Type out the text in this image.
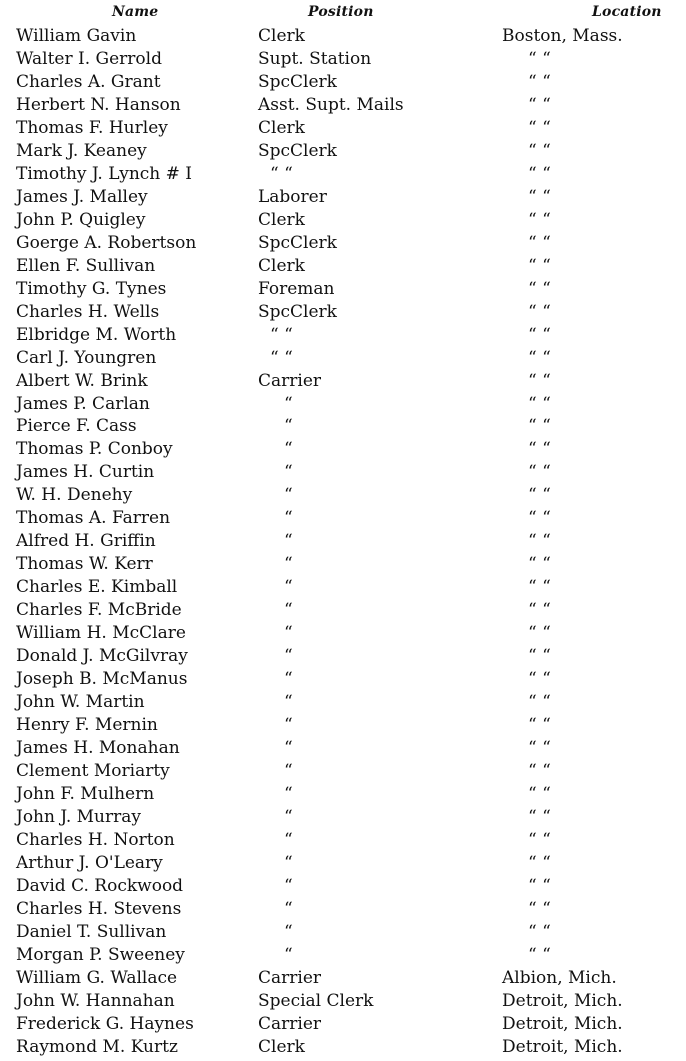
Name	Position	Location
William Gavin	Clerk	Boston, Mass.
Walter I. Gerrold	Supt. Station	“ “
Charles A. Grant	SpcClerk	“ “
Herbert N. Hanson	Asst. Supt. Mails	“ “
Thomas F. Hurley	Clerk	“ “
Mark J. Keaney	SpcClerk	“ “
Timothy J. Lynch # I	“ “	“ “
James J. Malley	Laborer	“ “
John P. Quigley	Clerk	“ “
Goerge A. Robertson	SpcClerk	“ “
Ellen F. Sullivan	Clerk	“ “
Timothy G. Tynes	Foreman	“ “
Charles H. Wells	SpcClerk	“ “
Elbridge M. Worth	“ “	“ “
Carl J. Youngren	“ “	“ “
Albert W. Brink	Carrier	“ “
James P. Carlan	“	“ “
Pierce F. Cass	“	“ “
Thomas P. Conboy	“	“ “
James H. Curtin	“	“ “
W. H. Denehy	“	“ “
Thomas A. Farren	“	“ “
Alfred H. Griffin	“	“ “
Thomas W. Kerr	“	“ “
Charles E. Kimball	“	“ “
Charles F. McBride	“	“ “
William H. McClare	“	“ “
Donald J. McGilvray	“	“ “
Joseph B. McManus	“	“ “
John W. Martin	“	“ “
Henry F. Mernin	“	“ “
James H. Monahan	“	“ “
Clement Moriarty	“	“ “
John F. Mulhern	“	“ “
John J. Murray	“	“ “
Charles H. Norton	“	“ “
Arthur J. O'Leary	“	“ “
David C. Rockwood	“	“ “
Charles H. Stevens	“	“ “
Daniel T. Sullivan	“	“ “
Morgan P. Sweeney	“	“ “
William G. Wallace	Carrier	Albion, Mich.
John W. Hannahan	Special Clerk	Detroit, Mich.
Frederick G. Haynes	Carrier	Detroit, Mich.
Raymond M. Kurtz	Clerk	Detroit, Mich.
